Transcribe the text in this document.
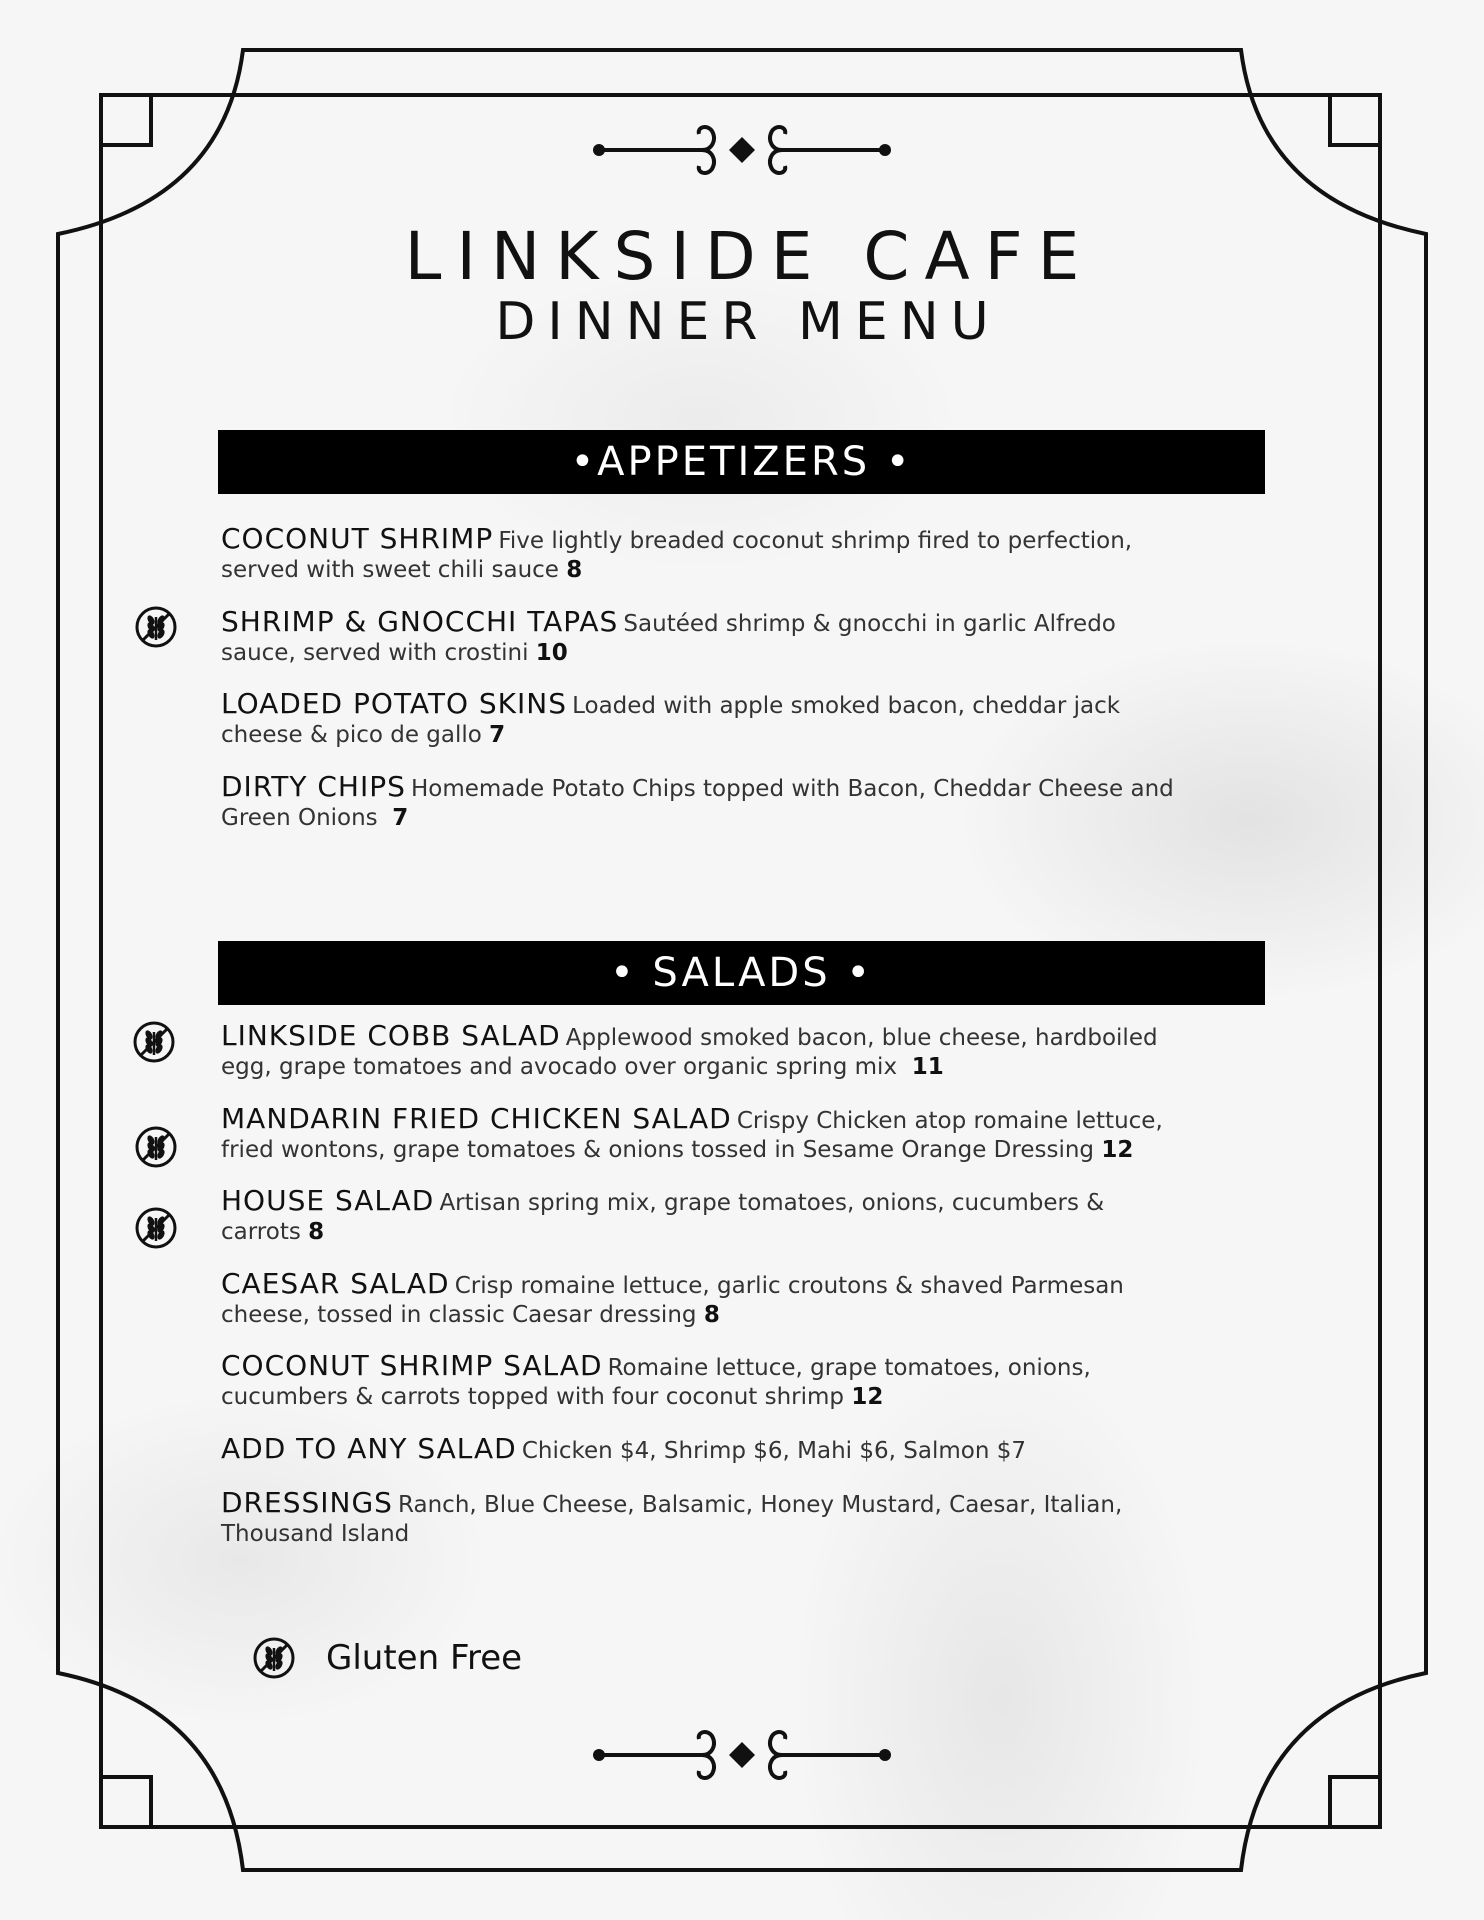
LINKSIDE CAFE
DINNER MENU
•APPETIZERS •
COCONUT SHRIMP Five lightly breaded coconut shrimp fired to perfection,
served with sweet chili sauce 8
SHRIMP & GNOCCHI TAPAS Sautéed shrimp & gnocchi in garlic Alfredo
sauce, served with crostini 10
LOADED POTATO SKINS Loaded with apple smoked bacon, cheddar jack
cheese & pico de gallo 7
DIRTY CHIPS Homemade Potato Chips topped with Bacon, Cheddar Cheese and
Green Onions 7
• SALADS •
LINKSIDE COBB SALAD Applewood smoked bacon, blue cheese, hardboiled
egg, grape tomatoes and avocado over organic spring mix 11
MANDARIN FRIED CHICKEN SALAD Crispy Chicken atop romaine lettuce,
fried wontons, grape tomatoes & onions tossed in Sesame Orange Dressing 12
HOUSE SALAD Artisan spring mix, grape tomatoes, onions, cucumbers &
carrots 8
CAESAR SALAD Crisp romaine lettuce, garlic croutons & shaved Parmesan
cheese, tossed in classic Caesar dressing 8
COCONUT SHRIMP SALAD Romaine lettuce, grape tomatoes, onions,
cucumbers & carrots topped with four coconut shrimp 12
ADD TO ANY SALAD Chicken $4, Shrimp $6, Mahi $6, Salmon $7
DRESSINGS Ranch, Blue Cheese, Balsamic, Honey Mustard, Caesar, Italian,
Thousand Island
Gluten Free
